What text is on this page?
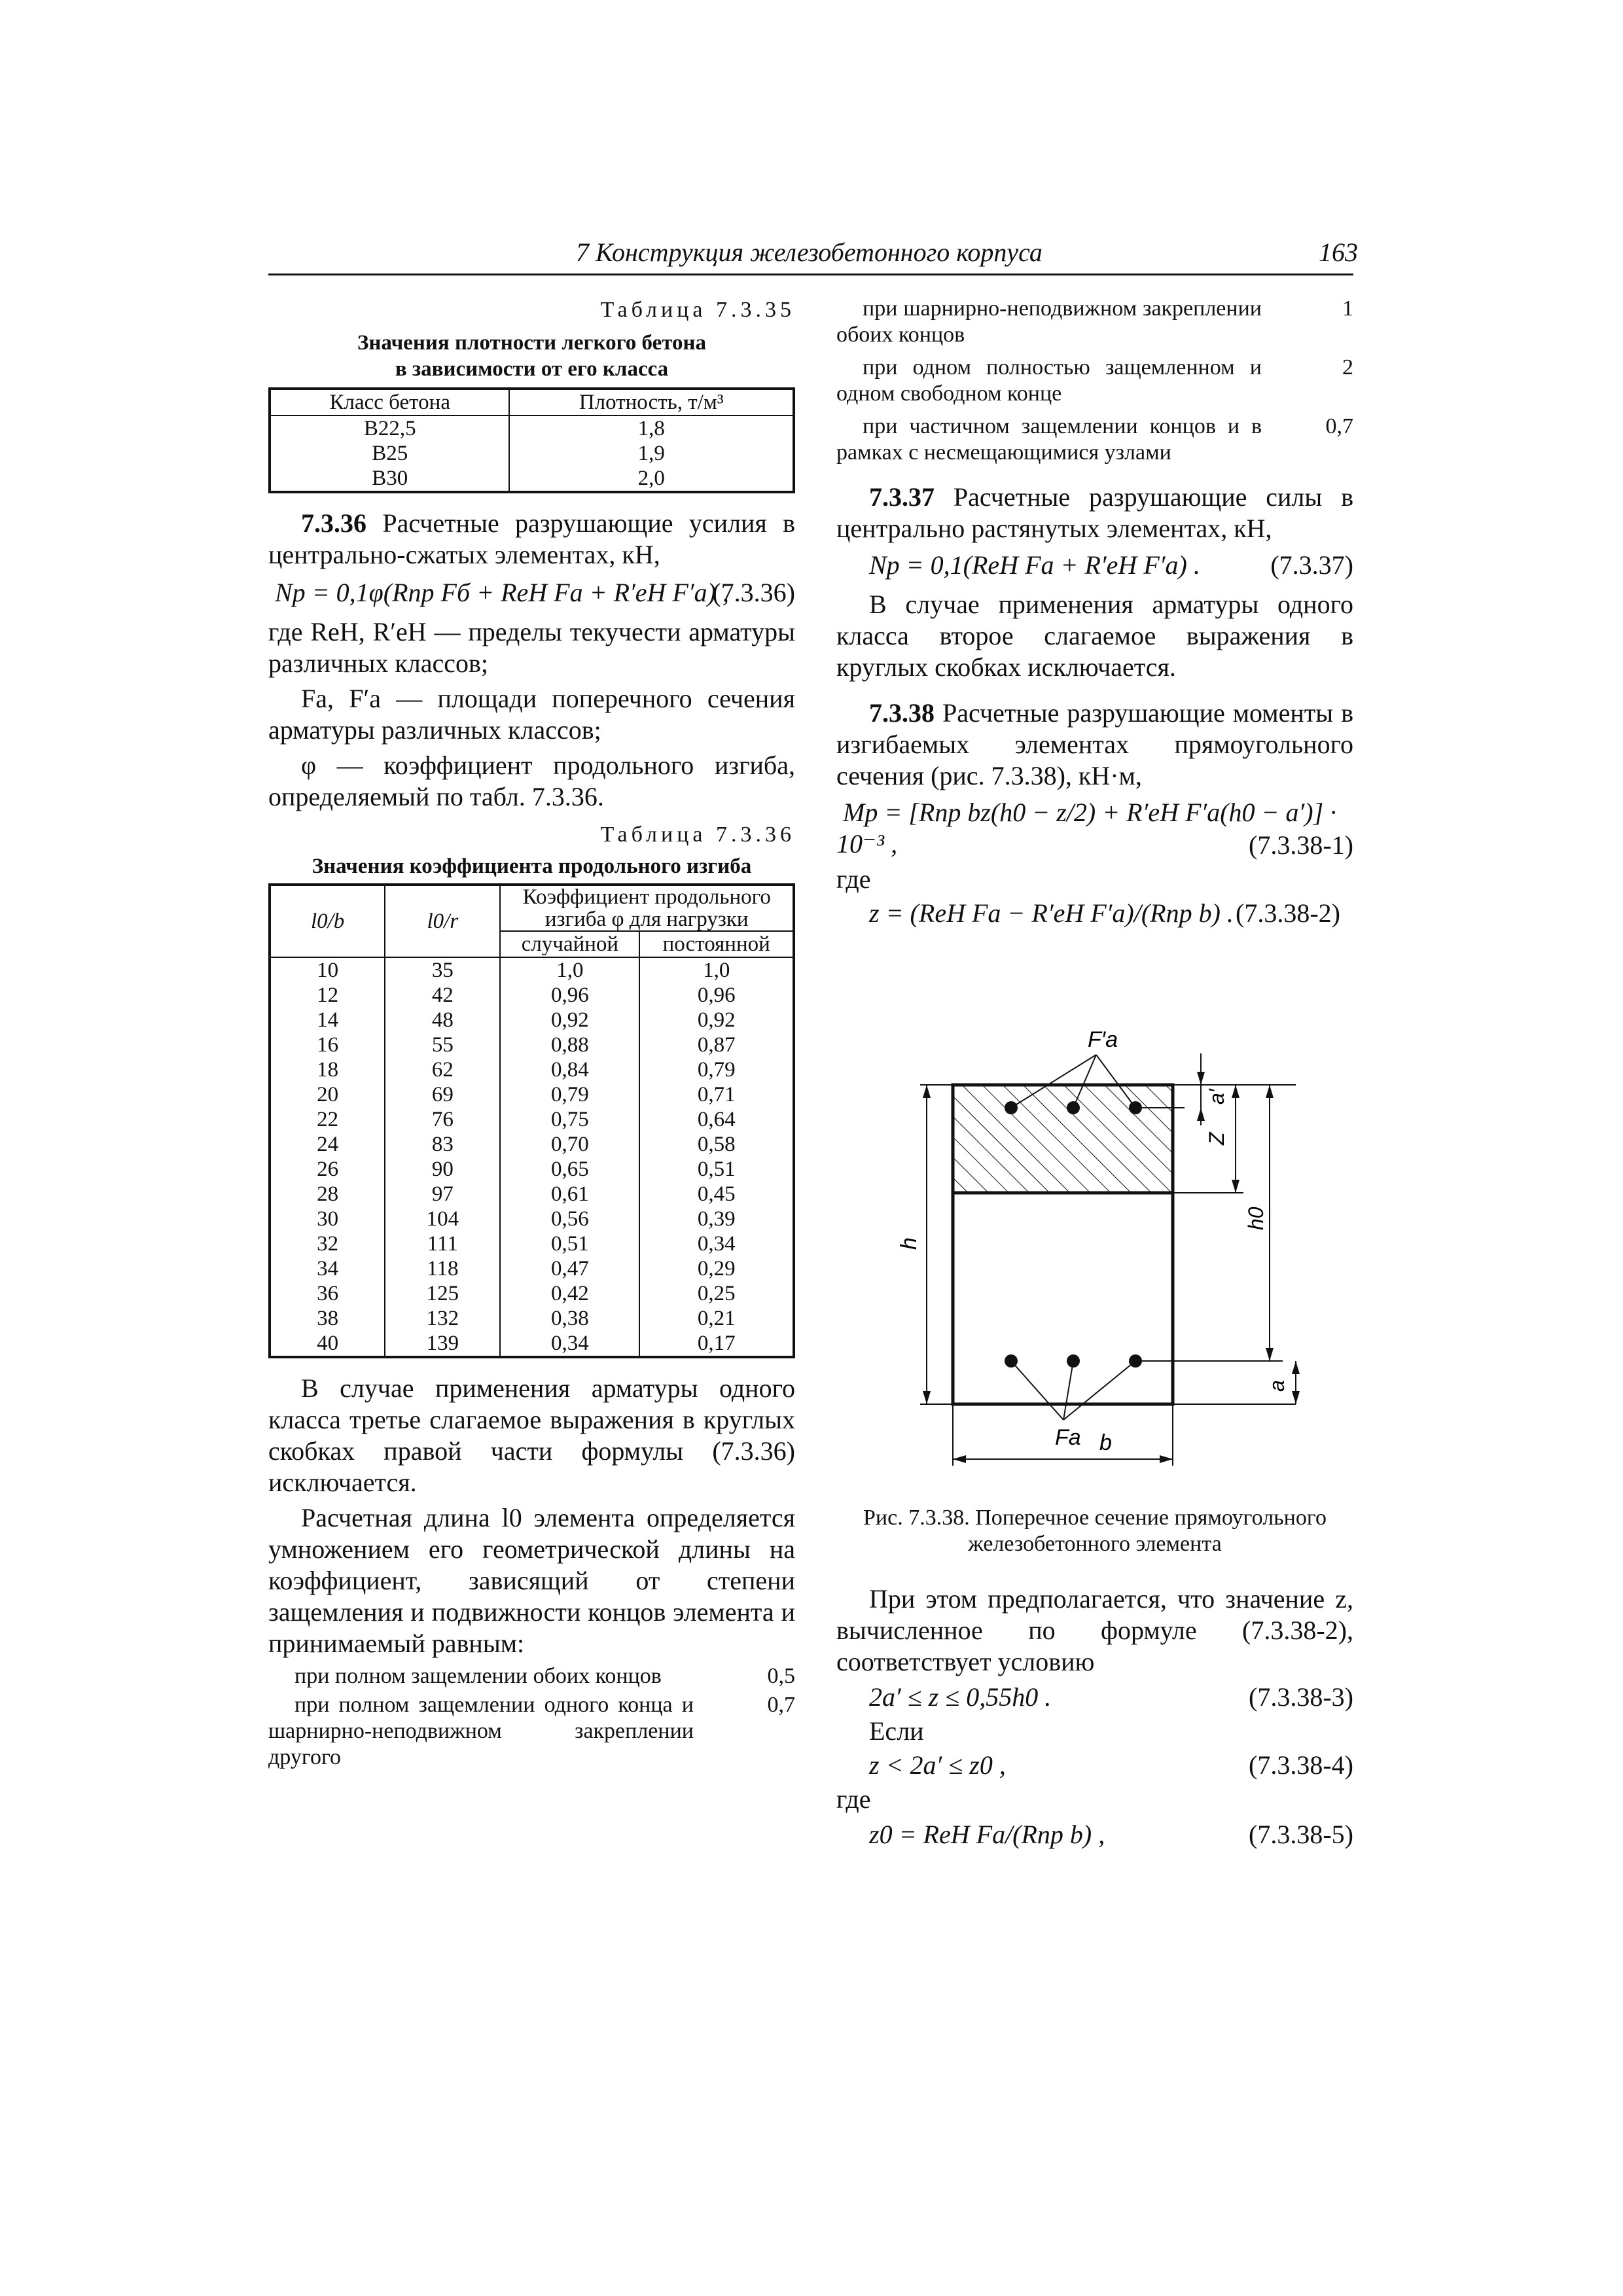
7 Конструкция железобетонного корпуса	163
Таблица 7.3.35
Значения плотности легкого бетона
в зависимости от его класса
Класс бетона	Плотность, т/м³
B22,5	1,8
B25	1,9
B30	2,0

7.3.36 Расчетные разрушающие усилия в центрально-сжатых элементах, кН,

Np = 0,1φ(Rпр Fб + ReН Fа + R′eН F′а) ,
(7.3.36)

где ReН, R′eН — пределы текучести арматуры различных классов;

Fа, F′а — площади поперечного сечения арматуры различных классов;

φ — коэффициент продольного изгиба, определяемый по табл. 7.3.36.

Таблица 7.3.36
Значения коэффициента продольного изгиба
l0/b	l0/r	Коэффициент продольного изгиба φ для нагрузки	
		случайной	постоянной
10	35	1,0	1,0
12	42	0,96	0,96
14	48	0,92	0,92
16	55	0,88	0,87
18	62	0,84	0,79
20	69	0,79	0,71
22	76	0,75	0,64
24	83	0,70	0,58
26	90	0,65	0,51
28	97	0,61	0,45
30	104	0,56	0,39
32	111	0,51	0,34
34	118	0,47	0,29
36	125	0,42	0,25
38	132	0,38	0,21
40	139	0,34	0,17

В случае применения арматуры одного класса третье слагаемое выражения в круглых скобках правой части формулы (7.3.36) исключается.

Расчетная длина l0 элемента определяется умножением его геометрической длины на коэффициент, зависящий от степени защемления и подвижности концов элемента и принимаемый равным:

при полном защемлении обоих концов	0,5
при полном защемлении одного конца и шарнирно-неподвижном закреплении другого
0,7
при шарнирно-неподвижном закреплении обоих концов
1
при одном полностью защемленном и одном свободном конце
2
при частичном защемлении концов и в рамках с несмещающимися узлами
0,7

7.3.37 Расчетные разрушающие силы в центрально растянутых элементах, кН,

Np = 0,1(ReН Fа + R′eН F′а) .	(7.3.37)

В случае применения арматуры одного класса второе слагаемое выражения в круглых скобках исключается.

7.3.38 Расчетные разрушающие моменты в изгибаемых элементах прямоугольного сечения (рис. 7.3.38), кН·м,

Mp = [Rпр bz(h0 − z/2) + R′eН F′а(h0 − a′)] · 10⁻³ ,	(7.3.38-1)
где
z = (ReН Fа − R′eН F′а)/(Rпр b) . (7.3.38-2)
F′а
Fа
h
b
a′
Z
h0
a
Рис. 7.3.38. Поперечное сечение прямоугольного железобетонного элемента

При этом предполагается, что значение z, вычисленное по формуле (7.3.38-2), соответствует условию

2a′ ≤ z ≤ 0,55h0 .	(7.3.38-3)
Если
z < 2a′ ≤ z0 ,	(7.3.38-4)
где
z0 = ReН Fа/(Rпр b) ,	(7.3.38-5)
